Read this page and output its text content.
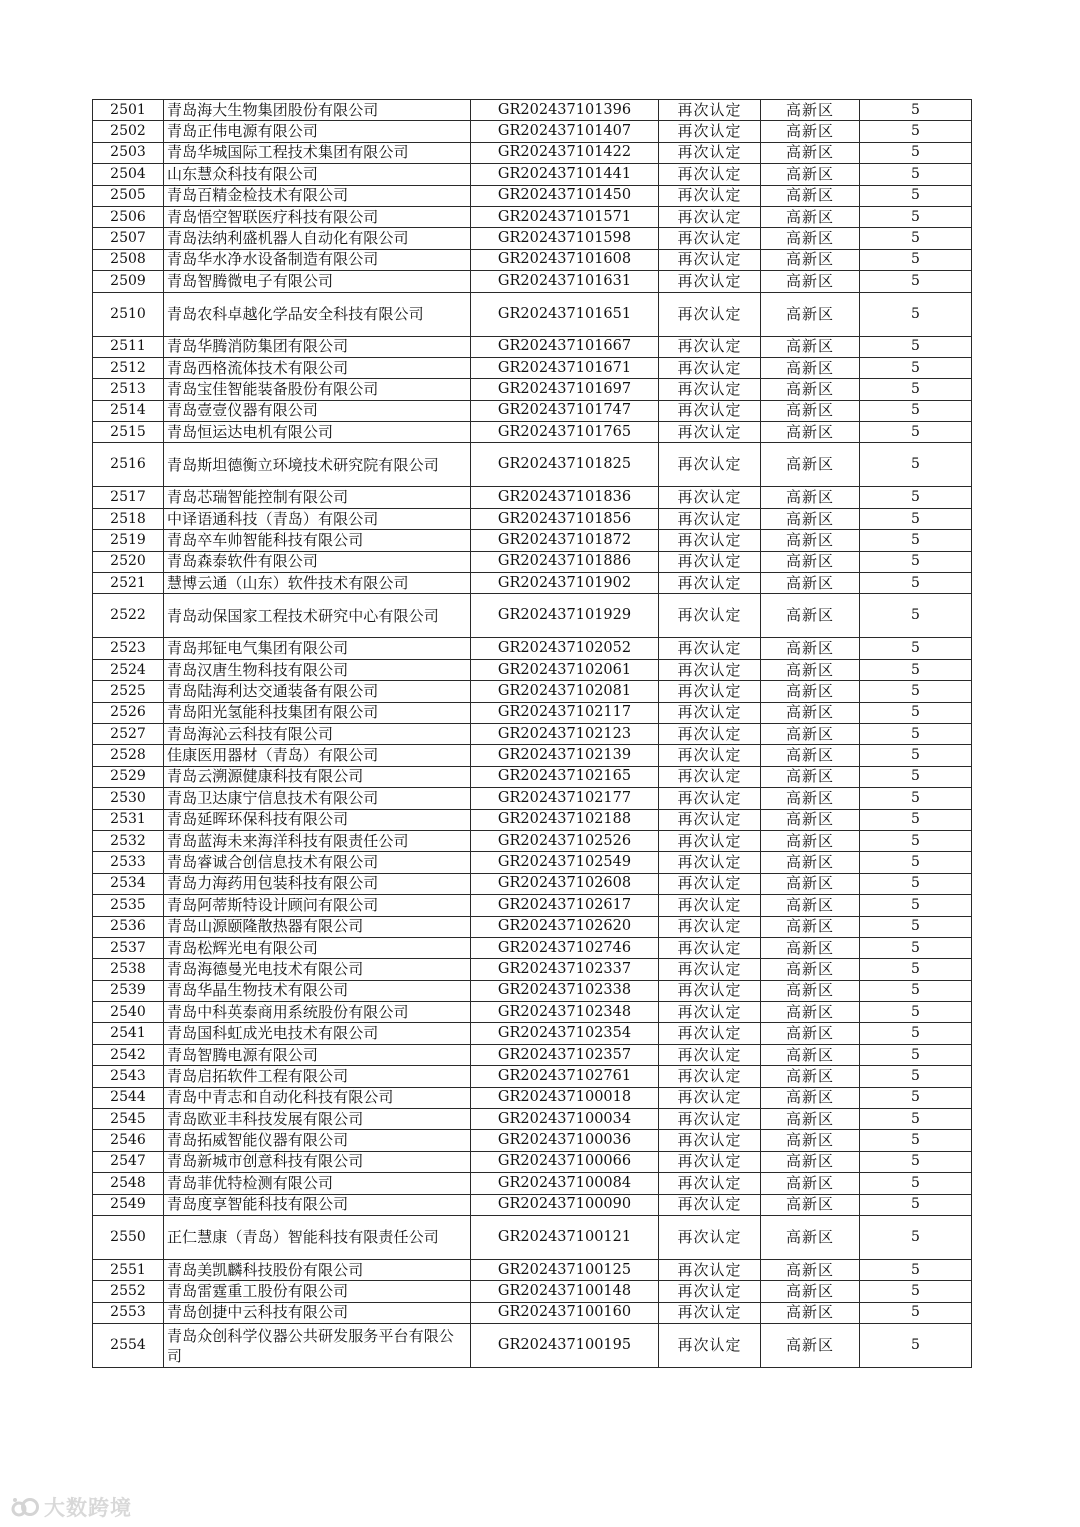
2501	青岛海大生物集团股份有限公司	GR202437101396	再次认定	高新区	5
2502	青岛正伟电源有限公司	GR202437101407	再次认定	高新区	5
2503	青岛华城国际工程技术集团有限公司	GR202437101422	再次认定	高新区	5
2504	山东慧众科技有限公司	GR202437101441	再次认定	高新区	5
2505	青岛百精金检技术有限公司	GR202437101450	再次认定	高新区	5
2506	青岛悟空智联医疗科技有限公司	GR202437101571	再次认定	高新区	5
2507	青岛法纳利盛机器人自动化有限公司	GR202437101598	再次认定	高新区	5
2508	青岛华水净水设备制造有限公司	GR202437101608	再次认定	高新区	5
2509	青岛智腾微电子有限公司	GR202437101631	再次认定	高新区	5
2510	青岛农科卓越化学品安全科技有限公司	GR202437101651	再次认定	高新区	5
2511	青岛华腾消防集团有限公司	GR202437101667	再次认定	高新区	5
2512	青岛西格流体技术有限公司	GR202437101671	再次认定	高新区	5
2513	青岛宝佳智能装备股份有限公司	GR202437101697	再次认定	高新区	5
2514	青岛壹壹仪器有限公司	GR202437101747	再次认定	高新区	5
2515	青岛恒运达电机有限公司	GR202437101765	再次认定	高新区	5
2516	青岛斯坦德衡立环境技术研究院有限公司	GR202437101825	再次认定	高新区	5
2517	青岛芯瑞智能控制有限公司	GR202437101836	再次认定	高新区	5
2518	中译语通科技（青岛）有限公司	GR202437101856	再次认定	高新区	5
2519	青岛卒车帅智能科技有限公司	GR202437101872	再次认定	高新区	5
2520	青岛森泰软件有限公司	GR202437101886	再次认定	高新区	5
2521	慧博云通（山东）软件技术有限公司	GR202437101902	再次认定	高新区	5
2522	青岛动保国家工程技术研究中心有限公司	GR202437101929	再次认定	高新区	5
2523	青岛邦钲电气集团有限公司	GR202437102052	再次认定	高新区	5
2524	青岛汉唐生物科技有限公司	GR202437102061	再次认定	高新区	5
2525	青岛陆海利达交通装备有限公司	GR202437102081	再次认定	高新区	5
2526	青岛阳光氢能科技集团有限公司	GR202437102117	再次认定	高新区	5
2527	青岛海沁云科技有限公司	GR202437102123	再次认定	高新区	5
2528	佳康医用器材（青岛）有限公司	GR202437102139	再次认定	高新区	5
2529	青岛云溯源健康科技有限公司	GR202437102165	再次认定	高新区	5
2530	青岛卫达康宁信息技术有限公司	GR202437102177	再次认定	高新区	5
2531	青岛延晖环保科技有限公司	GR202437102188	再次认定	高新区	5
2532	青岛蓝海未来海洋科技有限责任公司	GR202437102526	再次认定	高新区	5
2533	青岛睿诚合创信息技术有限公司	GR202437102549	再次认定	高新区	5
2534	青岛力海药用包装科技有限公司	GR202437102608	再次认定	高新区	5
2535	青岛阿蒂斯特设计顾问有限公司	GR202437102617	再次认定	高新区	5
2536	青岛山源颐隆散热器有限公司	GR202437102620	再次认定	高新区	5
2537	青岛松辉光电有限公司	GR202437102746	再次认定	高新区	5
2538	青岛海德曼光电技术有限公司	GR202437102337	再次认定	高新区	5
2539	青岛华晶生物技术有限公司	GR202437102338	再次认定	高新区	5
2540	青岛中科英泰商用系统股份有限公司	GR202437102348	再次认定	高新区	5
2541	青岛国科虹成光电技术有限公司	GR202437102354	再次认定	高新区	5
2542	青岛智腾电源有限公司	GR202437102357	再次认定	高新区	5
2543	青岛启拓软件工程有限公司	GR202437102761	再次认定	高新区	5
2544	青岛中青志和自动化科技有限公司	GR202437100018	再次认定	高新区	5
2545	青岛欧亚丰科技发展有限公司	GR202437100034	再次认定	高新区	5
2546	青岛拓威智能仪器有限公司	GR202437100036	再次认定	高新区	5
2547	青岛新城市创意科技有限公司	GR202437100066	再次认定	高新区	5
2548	青岛菲优特检测有限公司	GR202437100084	再次认定	高新区	5
2549	青岛度享智能科技有限公司	GR202437100090	再次认定	高新区	5
2550	正仁慧康（青岛）智能科技有限责任公司	GR202437100121	再次认定	高新区	5
2551	青岛美凯麟科技股份有限公司	GR202437100125	再次认定	高新区	5
2552	青岛雷霆重工股份有限公司	GR202437100148	再次认定	高新区	5
2553	青岛创捷中云科技有限公司	GR202437100160	再次认定	高新区	5
2554	青岛众创科学仪器公共研发服务平台有限公司	GR202437100195	再次认定	高新区	5
大数跨境
